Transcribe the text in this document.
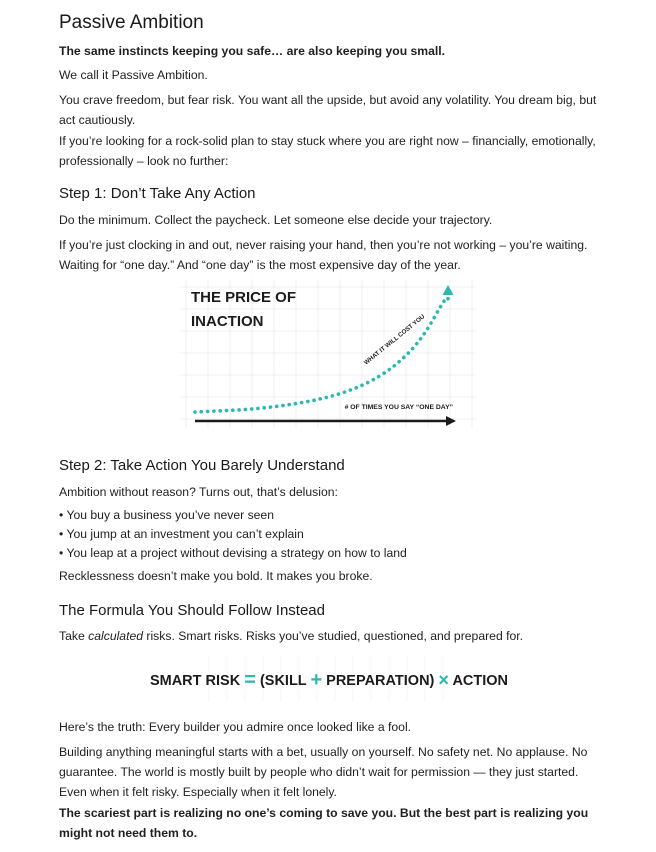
Passive Ambition

The same instincts keeping you safe… are also keeping you small.

We call it Passive Ambition.

You crave freedom, but fear risk. You want all the upside, but avoid any volatility. You dream big, but act cautiously.

If you’re looking for a rock-solid plan to stay stuck where you are right now – financially, emotionally, professionally – look no further:

Step 1: Don’t Take Any Action

Do the minimum. Collect the paycheck. Let someone else decide your trajectory.

If you’re just clocking in and out, never raising your hand, then you’re not working – you’re waiting. Waiting for “one day.” And “one day” is the most expensive day of the year.

THE PRICE OF
INACTION	WHAT IT WILL COST YOU
# OF TIMES YOU SAY “ONE DAY”
Step 2: Take Action You Barely Understand

Ambition without reason? Turns out, that’s delusion:

• You buy a business you’ve never seen
• You jump at an investment you can’t explain
• You leap at a project without devising a strategy on how to land

Recklessness doesn’t make you bold. It makes you broke.

The Formula You Should Follow Instead

Take calculated risks. Smart risks. Risks you’ve studied, questioned, and prepared for.

SMART RISK = (SKILL + PREPARATION) × ACTION

Here’s the truth: Every builder you admire once looked like a fool.

Building anything meaningful starts with a bet, usually on yourself. No safety net. No applause. No guarantee. The world is mostly built by people who didn’t wait for permission — they just started. Even when it felt risky. Especially when it felt lonely.

The scariest part is realizing no one’s coming to save you. But the best part is realizing you might not need them to.
